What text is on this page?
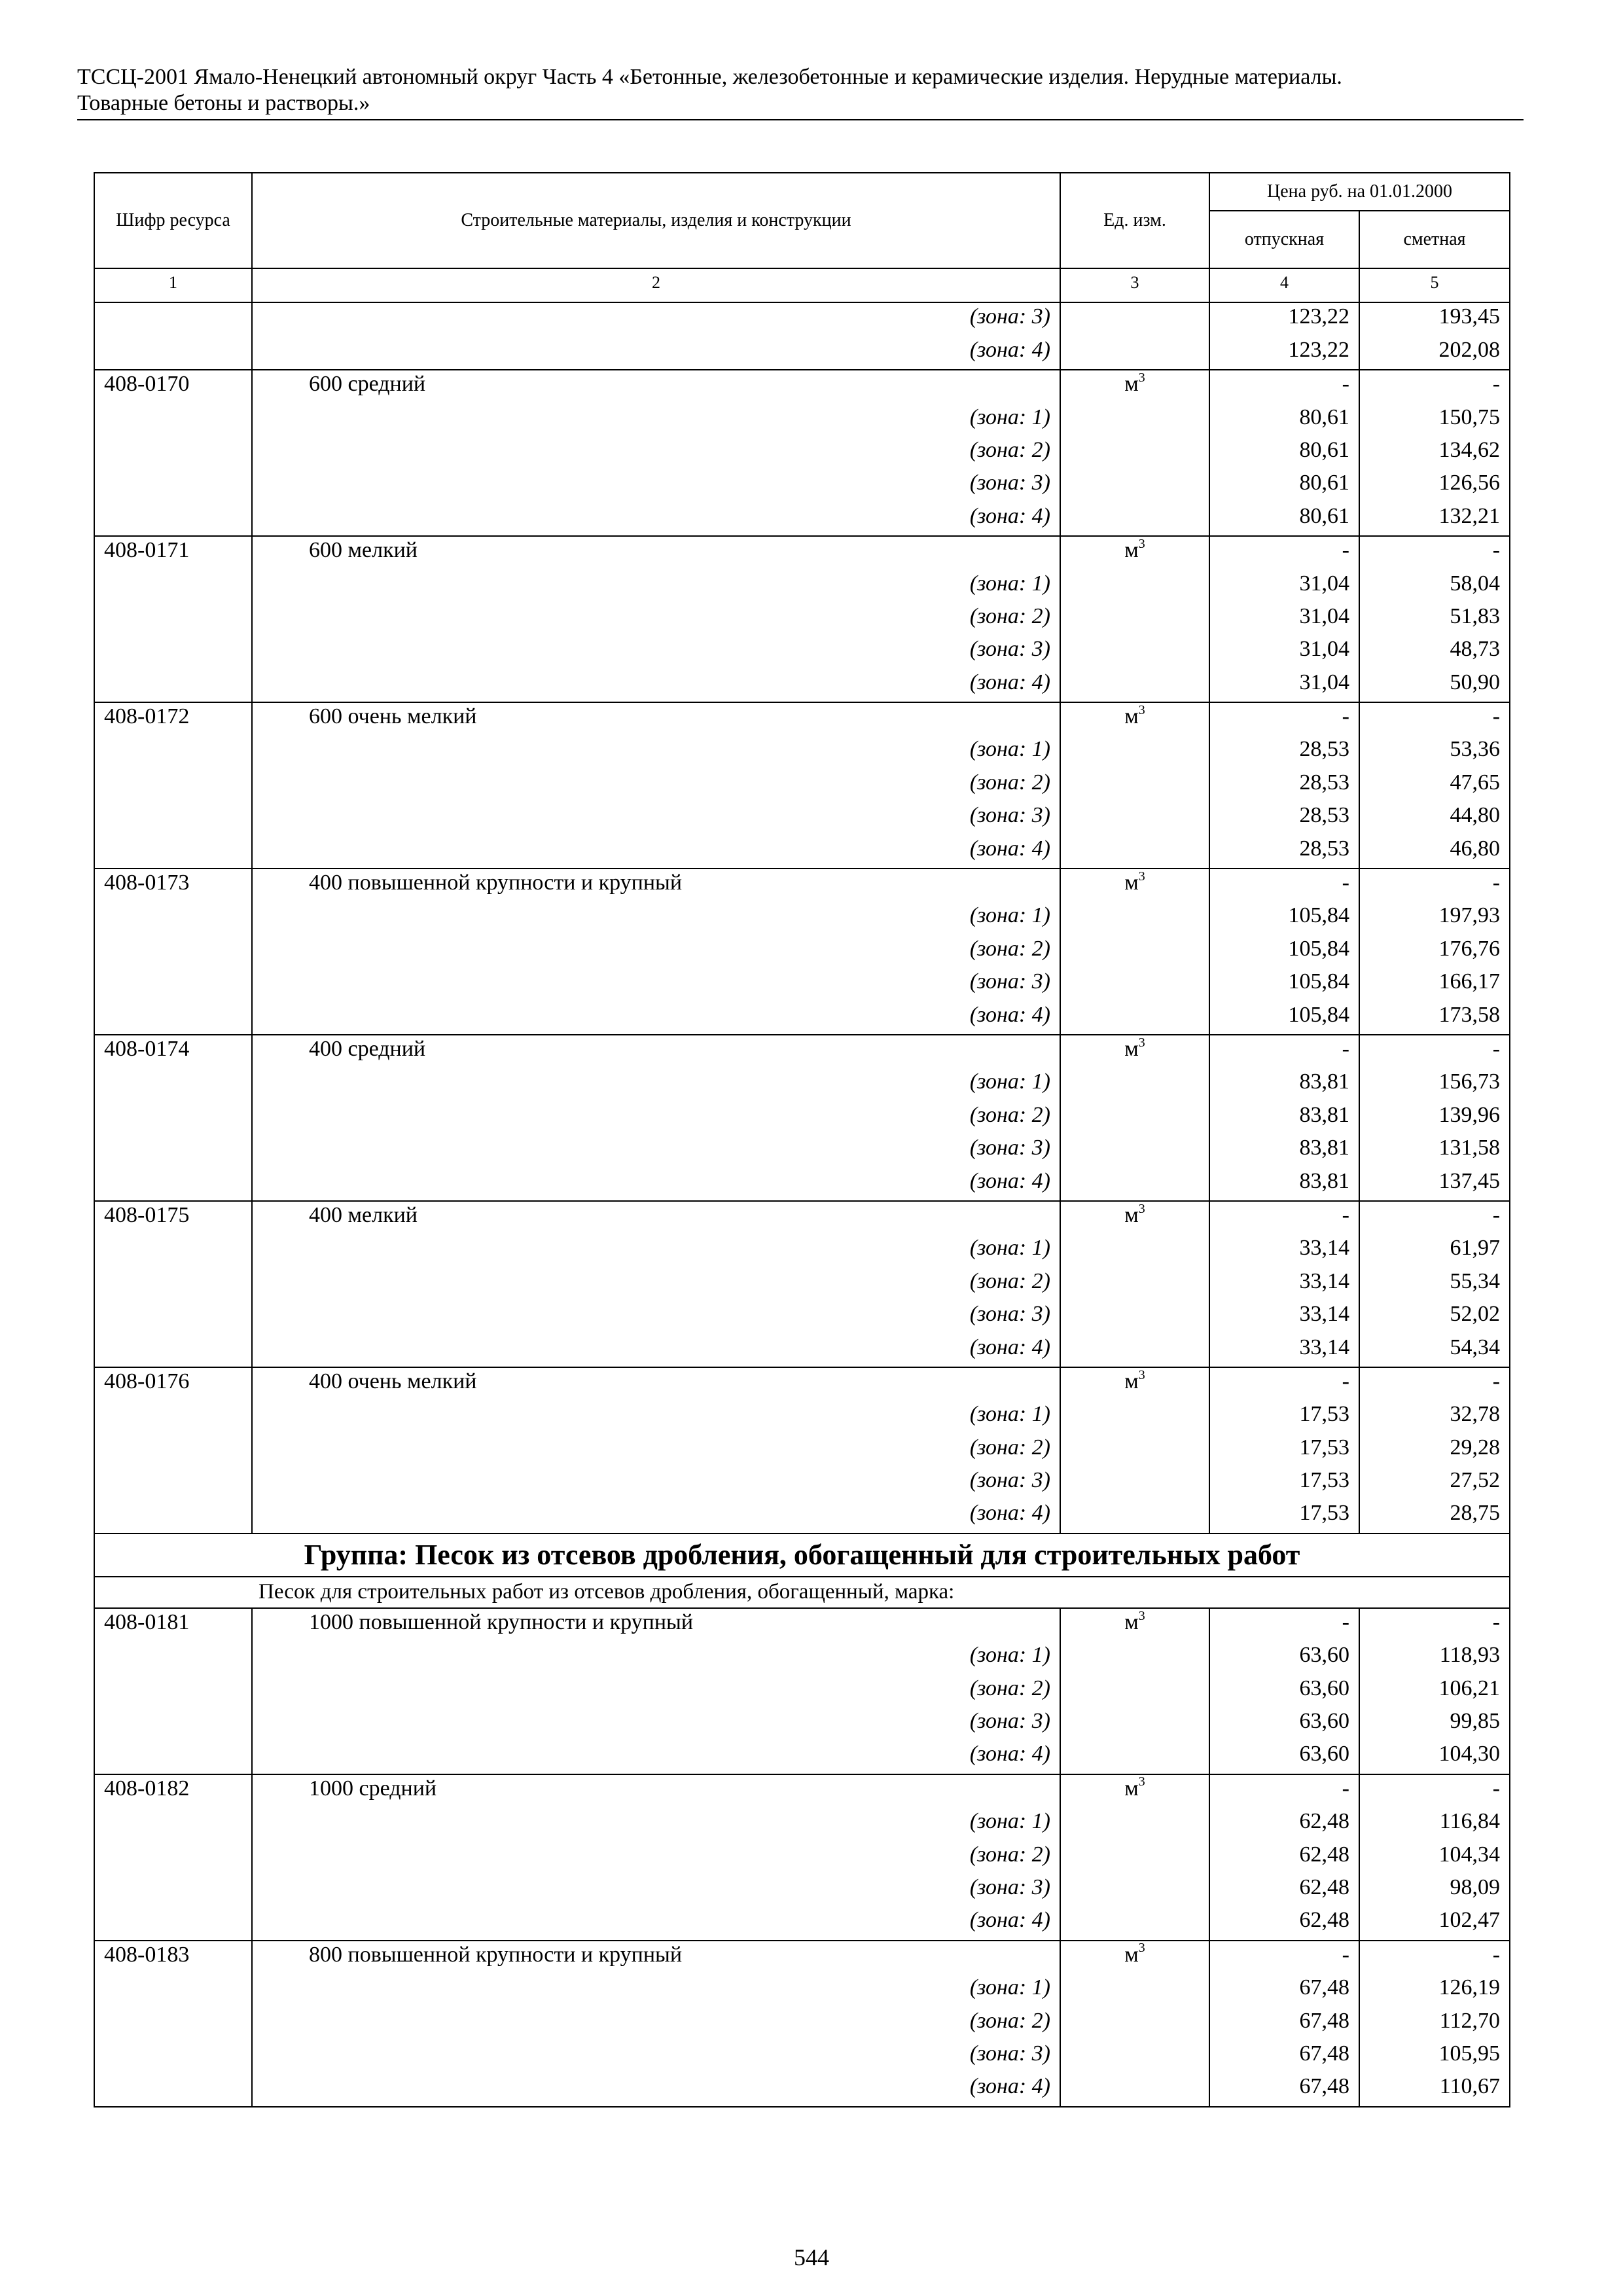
ТССЦ-2001 Ямало-Ненецкий автономный округ Часть 4 «Бетонные, железобетонные и керамические изделия. Нерудные материалы.
Товарные бетоны и растворы.»
Шифр ресурса	Строительные материалы, изделия и конструкции	Ед. изм.	Цена руб. на 01.01.2000	
			отпускная	сметная
1	2	3	4	5
	(зона: 3)		123,22	193,45
	(зона: 4)		123,22	202,08
408-0170	600 средний	$м^3$	-	-
	(зона: 1)		80,61	150,75
	(зона: 2)		80,61	134,62
	(зона: 3)		80,61	126,56
	(зона: 4)		80,61	132,21
408-0171	600 мелкий	$м^3$	-	-
	(зона: 1)		31,04	58,04
	(зона: 2)		31,04	51,83
	(зона: 3)		31,04	48,73
	(зона: 4)		31,04	50,90
408-0172	600 очень мелкий	$м^3$	-	-
	(зона: 1)		28,53	53,36
	(зона: 2)		28,53	47,65
	(зона: 3)		28,53	44,80
	(зона: 4)		28,53	46,80
408-0173	400 повышенной крупности и крупный	$м^3$	-	-
	(зона: 1)		105,84	197,93
	(зона: 2)		105,84	176,76
	(зона: 3)		105,84	166,17
	(зона: 4)		105,84	173,58
408-0174	400 средний	$м^3$	-	-
	(зона: 1)		83,81	156,73
	(зона: 2)		83,81	139,96
	(зона: 3)		83,81	131,58
	(зона: 4)		83,81	137,45
408-0175	400 мелкий	$м^3$	-	-
	(зона: 1)		33,14	61,97
	(зона: 2)		33,14	55,34
	(зона: 3)		33,14	52,02
	(зона: 4)		33,14	54,34
408-0176	400 очень мелкий	$м^3$	-	-
	(зона: 1)		17,53	32,78
	(зона: 2)		17,53	29,28
	(зона: 3)		17,53	27,52
	(зона: 4)		17,53	28,75
Группа: Песок из отсевов дробления, обогащенный для строительных работ				
Песок для строительных работ из отсевов дробления, обогащенный, марка:				
408-0181	1000 повышенной крупности и крупный	$м^3$	-	-
	(зона: 1)		63,60	118,93
	(зона: 2)		63,60	106,21
	(зона: 3)		63,60	99,85
	(зона: 4)		63,60	104,30
408-0182	1000 средний	$м^3$	-	-
	(зона: 1)		62,48	116,84
	(зона: 2)		62,48	104,34
	(зона: 3)		62,48	98,09
	(зона: 4)		62,48	102,47
408-0183	800 повышенной крупности и крупный	$м^3$	-	-
	(зона: 1)		67,48	126,19
	(зона: 2)		67,48	112,70
	(зона: 3)		67,48	105,95
	(зона: 4)		67,48	110,67
544
